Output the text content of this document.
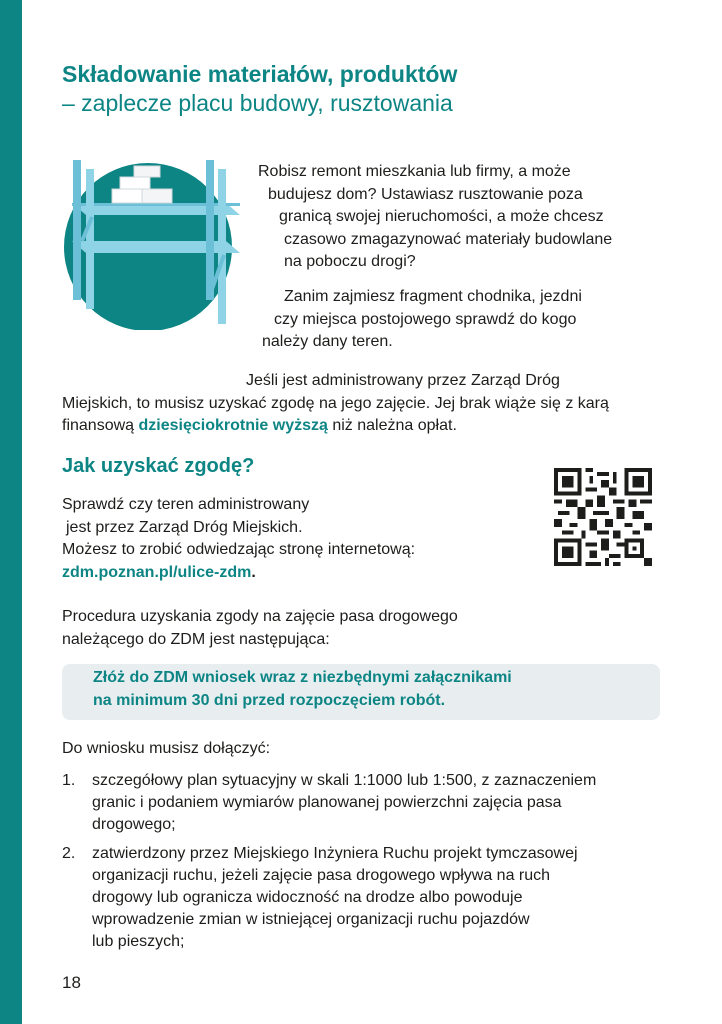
Składowanie materiałów, produktów
– zaplecze placu budowy, rusztowania

Robisz remont mieszkania lub firmy, a może
budujesz dom? Ustawiasz rusztowanie poza
granicą swojej nieruchomości, a może chcesz
czasowo zmagazynować materiały budowlane
na poboczu drogi?

Zanim zajmiesz fragment chodnika, jezdni
czy miejsca postojowego sprawdź do kogo
należy dany teren.

Jeśli jest administrowany przez Zarząd Dróg
Miejskich, to musisz uzyskać zgodę na jego zajęcie. Jej brak wiąże się z karą
finansową dziesięciokrotnie wyższą niż należna opłat.

Jak uzyskać zgodę?

Sprawdź czy teren administrowany
jest przez Zarząd Dróg Miejskich.
Możesz to zrobić odwiedzając stronę internetową:
zdm.poznan.pl/ulice-zdm.

Procedura uzyskania zgody na zajęcie pasa drogowego
należącego do ZDM jest następująca:

Złóż do ZDM wniosek wraz z niezbędnymi załącznikami
na minimum 30 dni przed rozpoczęciem robót.

Do wniosku musisz dołączyć:

1. szczegółowy plan sytuacyjny w skali 1:1000 lub 1:500, z zaznaczeniem
granic i podaniem wymiarów planowanej powierzchni zajęcia pasa
drogowego;
2. zatwierdzony przez Miejskiego Inżyniera Ruchu projekt tymczasowej
organizacji ruchu, jeżeli zajęcie pasa drogowego wpływa na ruch
drogowy lub ogranicza widoczność na drodze albo powoduje
wprowadzenie zmian w istniejącej organizacji ruchu pojazdów
lub pieszych;
18
